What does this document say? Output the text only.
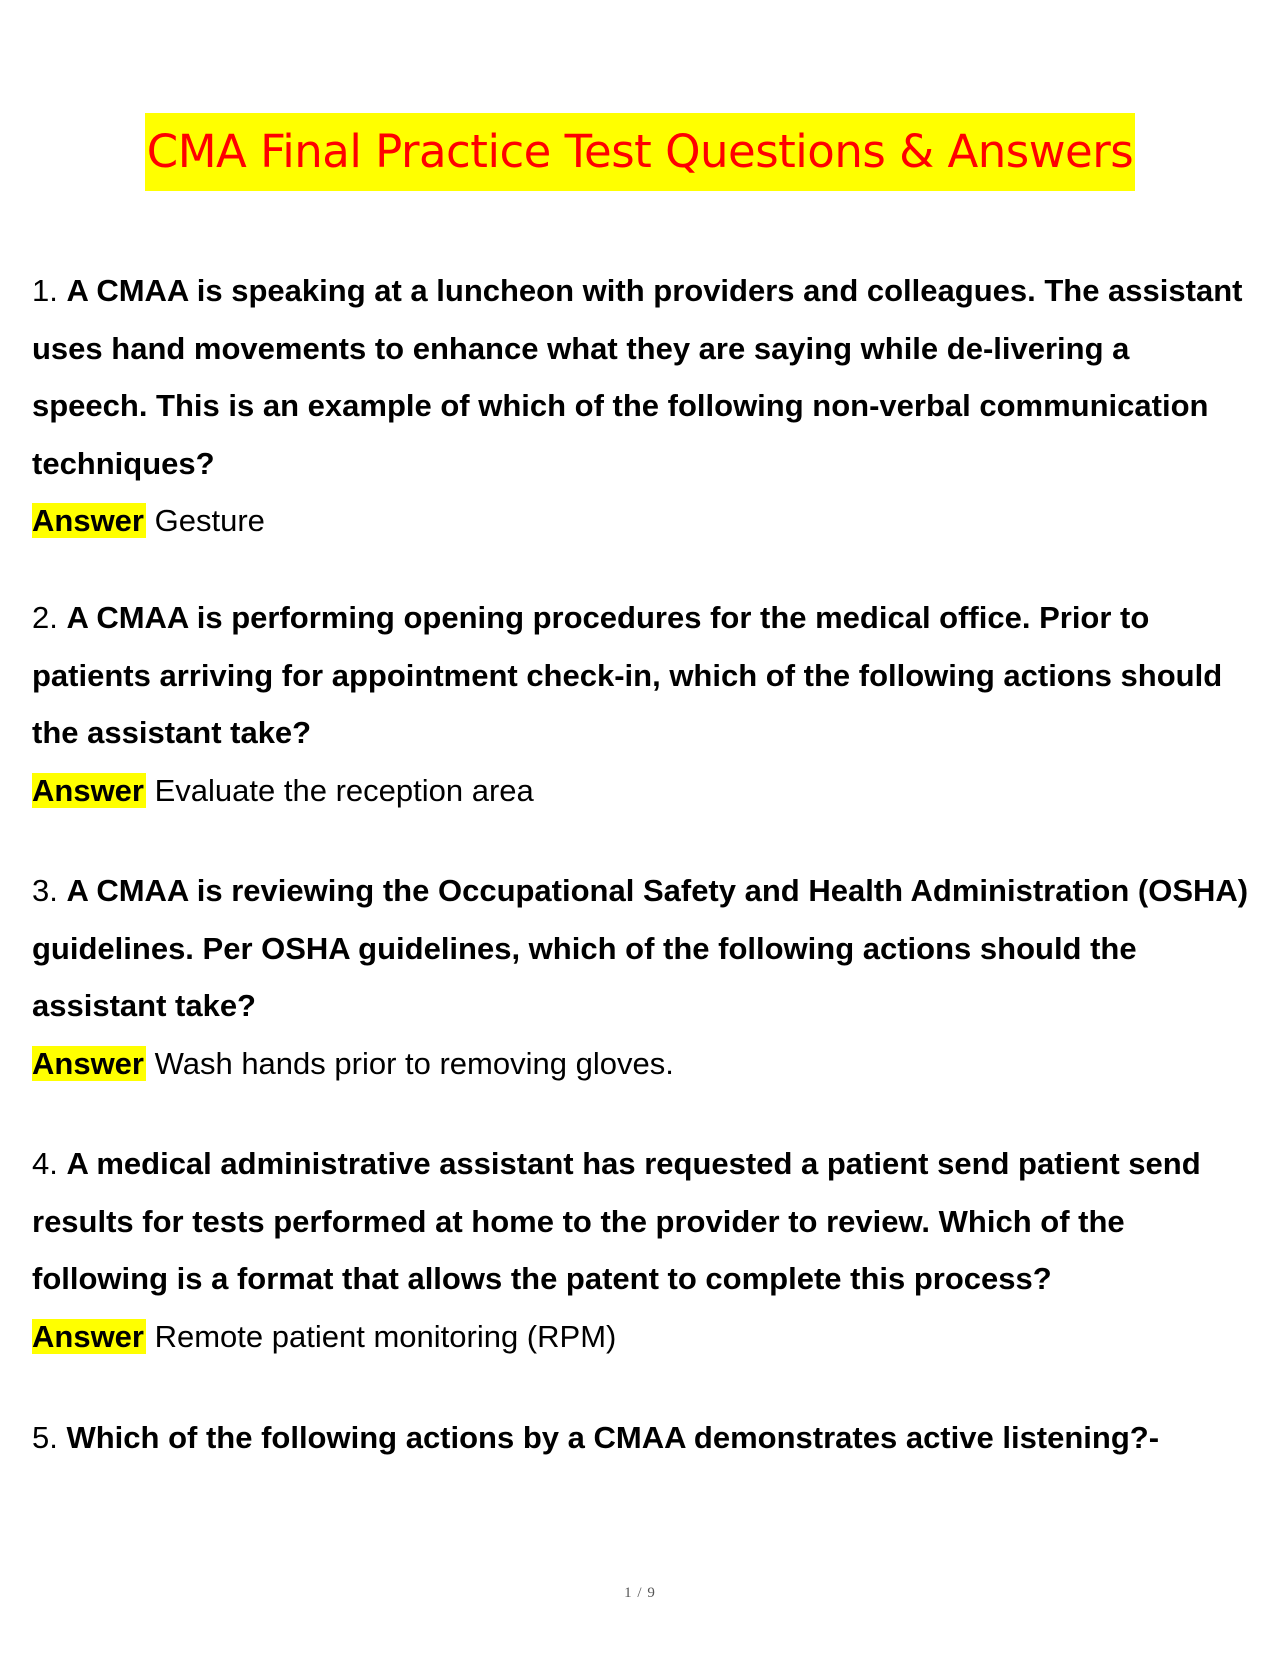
CMA Final Practice Test Questions & Answers

1. A CMAA is speaking at a luncheon with providers and colleagues. The assistant uses hand movements to enhance what they are saying while de-livering a speech. This is an example of which of the following non-verbal communication techniques?

Answer Gesture

2. A CMAA is performing opening procedures for the medical office. Prior to patients arriving for appointment check-in, which of the following actions should the assistant take?

Answer Evaluate the reception area

3. A CMAA is reviewing the Occupational Safety and Health Administration (OSHA) guidelines. Per OSHA guidelines, which of the following actions should the assistant take?

Answer Wash hands prior to removing gloves.

4. A medical administrative assistant has requested a patient send patient send results for tests performed at home to the provider to review. Which of the following is a format that allows the patent to complete this process?

Answer Remote patient monitoring (RPM)

5. Which of the following actions by a CMAA demonstrates active listening?-

1 / 9
